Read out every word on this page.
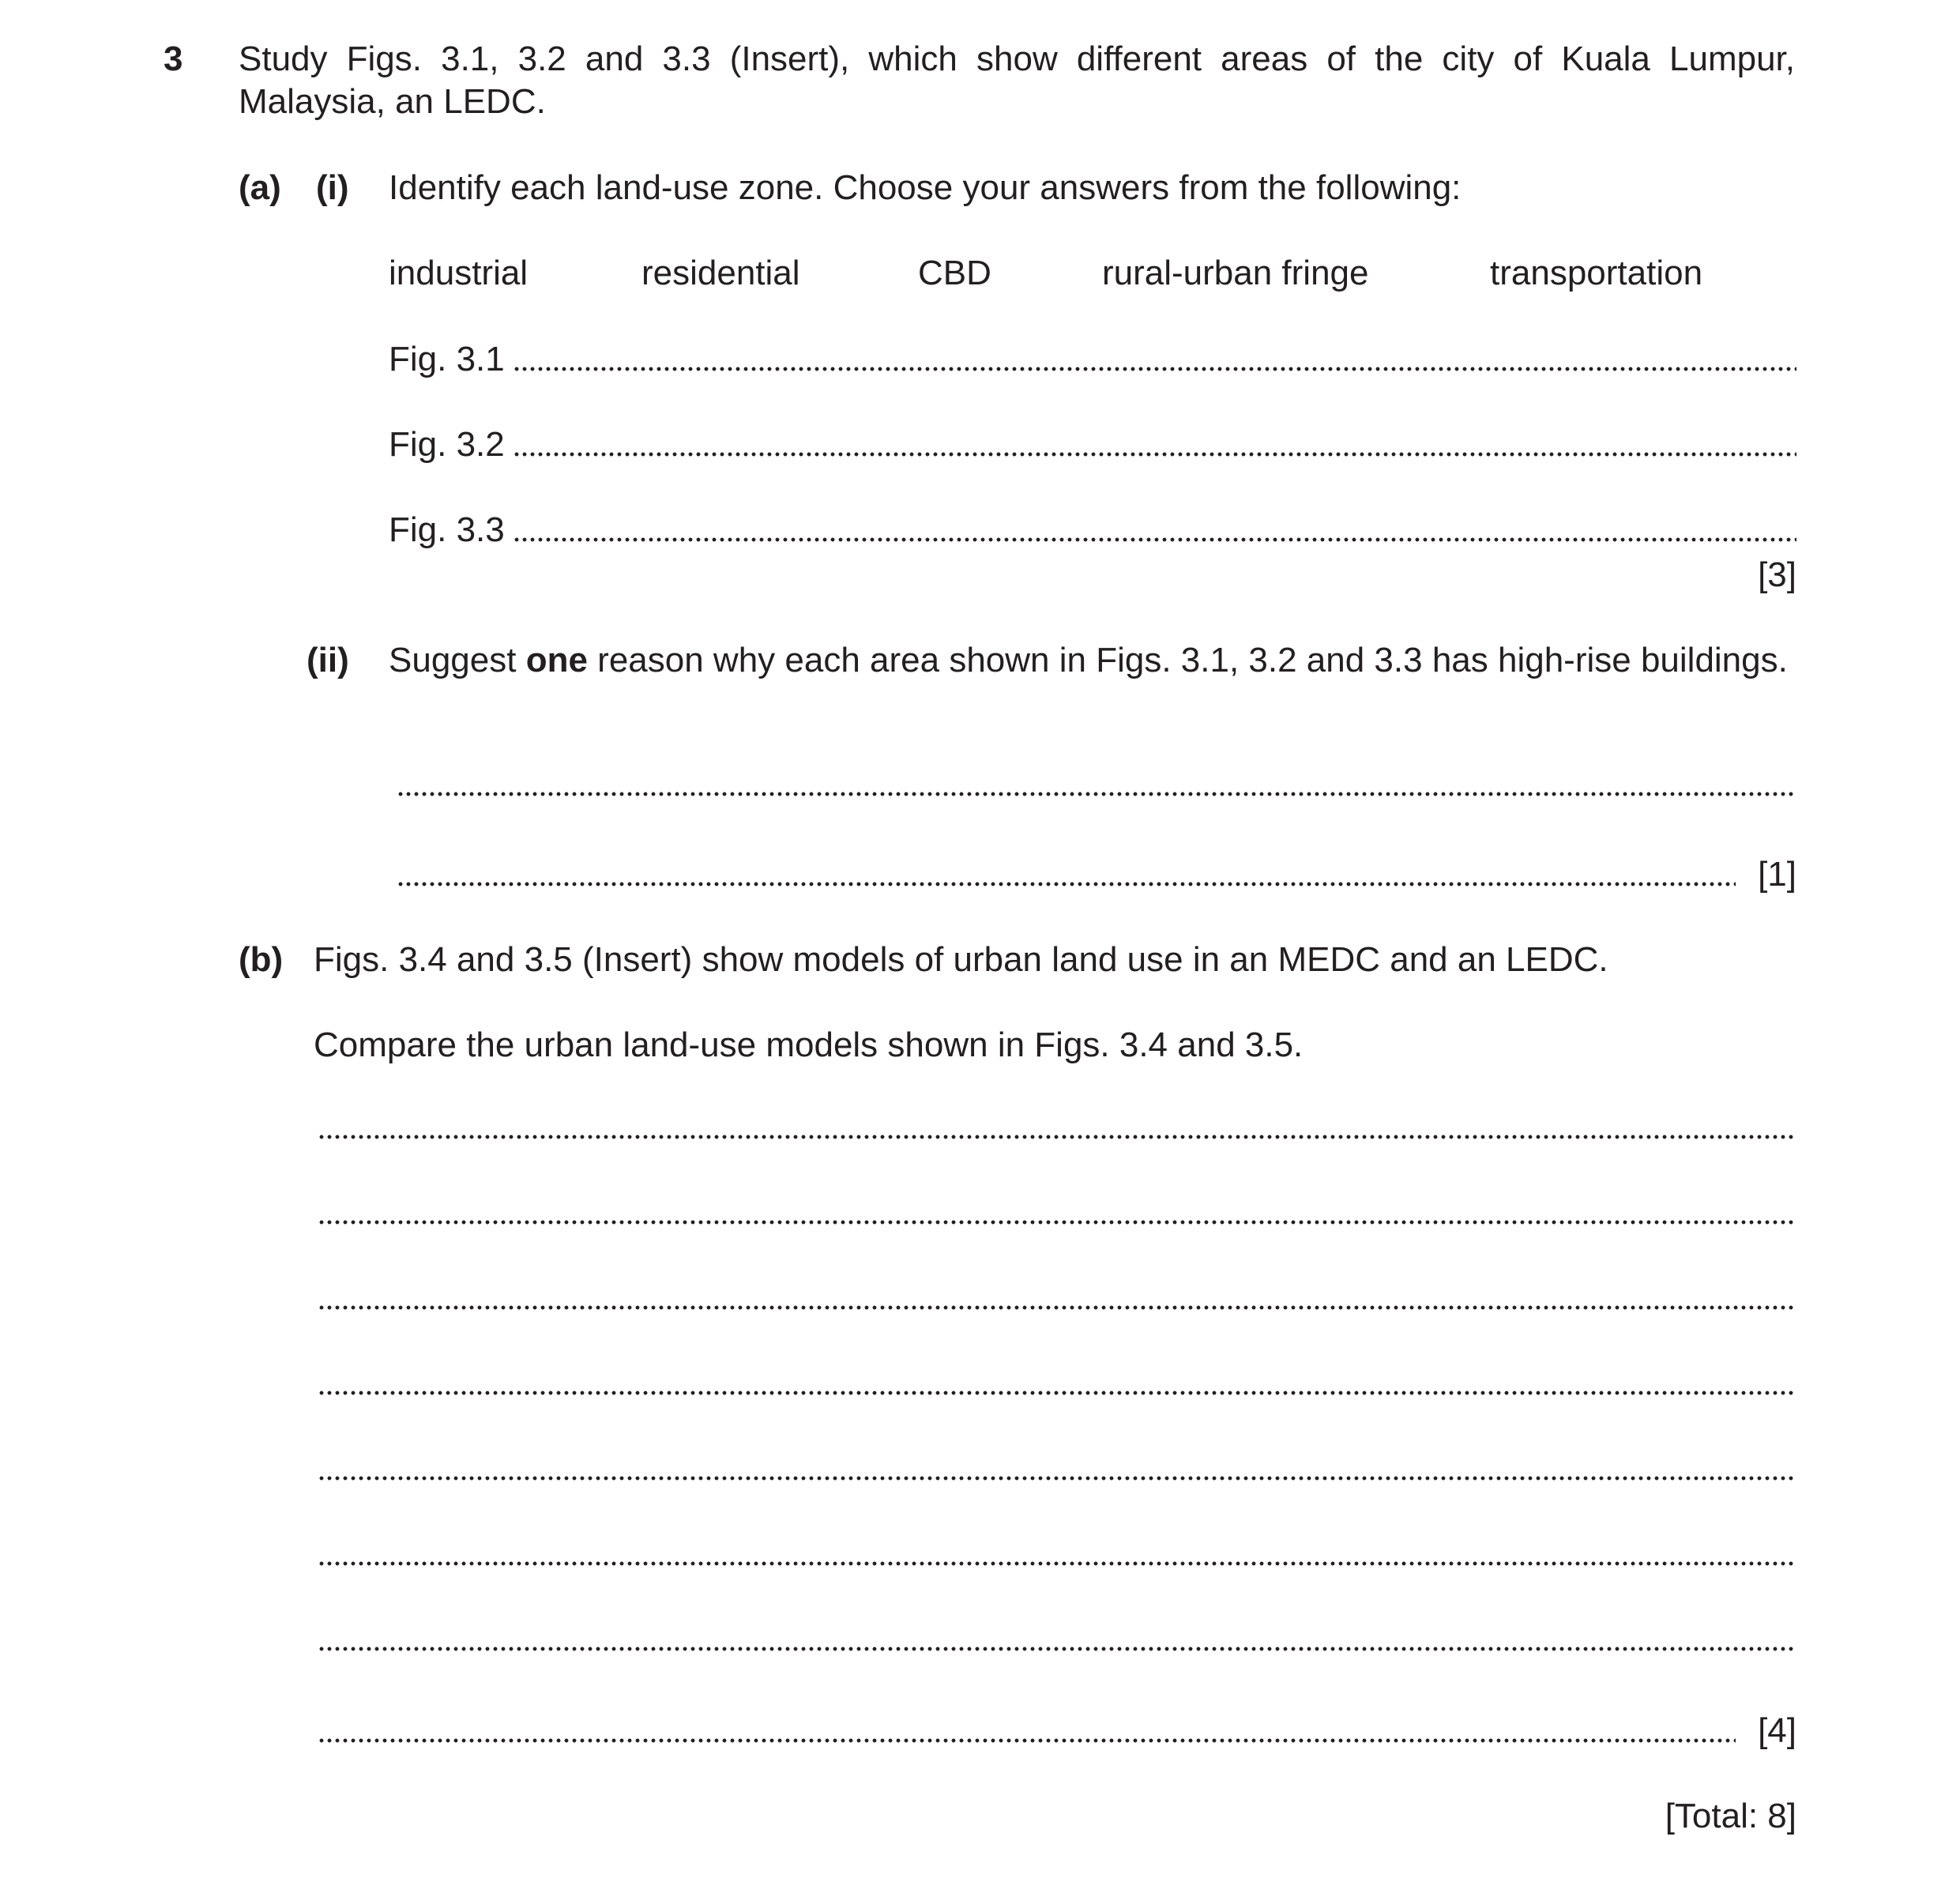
3 Study Figs. 3.1, 3.2 and 3.3 (Insert), which show different areas of the city of Kuala Lumpur, Malaysia, an LEDC.
(a) (i) Identify each land-use zone. Choose your answers from the following:
industrial	residential	CBD	rural-urban fringe	transportation
Fig. 3.1
Fig. 3.2
Fig. 3.3
[3]
(ii) Suggest one reason why each area shown in Figs. 3.1, 3.2 and 3.3 has high-rise buildings.
[1]
(b) Figs. 3.4 and 3.5 (Insert) show models of urban land use in an MEDC and an LEDC.
Compare the urban land-use models shown in Figs. 3.4 and 3.5.
[4]
[Total: 8]
